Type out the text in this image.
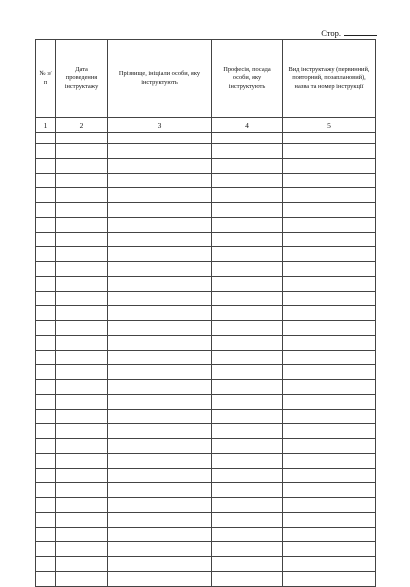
Стор.
№ з/п	Дата проведення інструктажу	Прізвище, ініціали особи, яку інструктують	Професія, посада особи, яку інструктують	Вид інструктажу (первинний, повторний, позаплановий), назва та номер інструкції
1	2	3	4	5
